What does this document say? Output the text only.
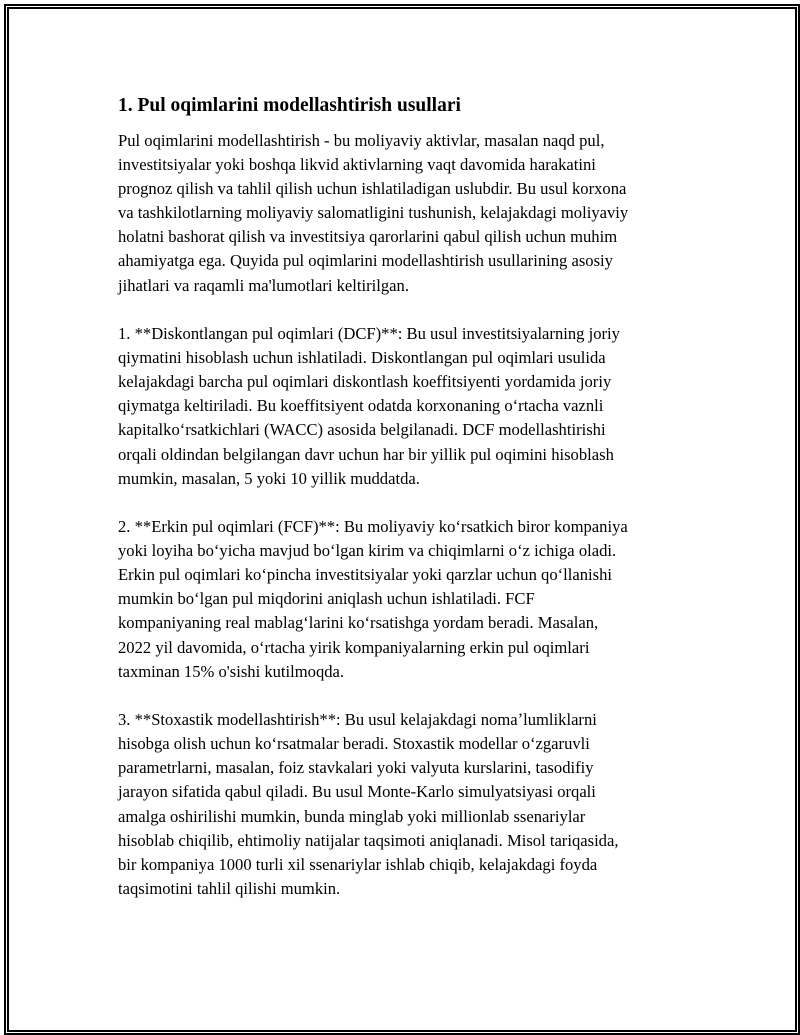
1. Pul oqimlarini modellashtirish usullari

Pul oqimlarini modellashtirish - bu moliyaviy aktivlar, masalan naqd pul,
investitsiyalar yoki boshqa likvid aktivlarning vaqt davomida harakatini
prognoz qilish va tahlil qilish uchun ishlatiladigan uslubdir. Bu usul korxona
va tashkilotlarning moliyaviy salomatligini tushunish, kelajakdagi moliyaviy
holatni bashorat qilish va investitsiya qarorlarini qabul qilish uchun muhim
ahamiyatga ega. Quyida pul oqimlarini modellashtirish usullarining asosiy
jihatlari va raqamli ma'lumotlari keltirilgan.

1. **Diskontlangan pul oqimlari (DCF)**: Bu usul investitsiyalarning joriy
qiymatini hisoblash uchun ishlatiladi. Diskontlangan pul oqimlari usulida
kelajakdagi barcha pul oqimlari diskontlash koeffitsiyenti yordamida joriy
qiymatga keltiriladi. Bu koeffitsiyent odatda korxonaning oʻrtacha vaznli
kapitalkoʻrsatkichlari (WACC) asosida belgilanadi. DCF modellashtirishi
orqali oldindan belgilangan davr uchun har bir yillik pul oqimini hisoblash
mumkin, masalan, 5 yoki 10 yillik muddatda.

2. **Erkin pul oqimlari (FCF)**: Bu moliyaviy koʻrsatkich biror kompaniya
yoki loyiha boʻyicha mavjud boʻlgan kirim va chiqimlarni oʻz ichiga oladi.
Erkin pul oqimlari koʻpincha investitsiyalar yoki qarzlar uchun qoʻllanishi
mumkin boʻlgan pul miqdorini aniqlash uchun ishlatiladi. FCF
kompaniyaning real mablagʻlarini koʻrsatishga yordam beradi. Masalan,
2022 yil davomida, oʻrtacha yirik kompaniyalarning erkin pul oqimlari
taxminan 15% o'sishi kutilmoqda.

3. **Stoxastik modellashtirish**: Bu usul kelajakdagi nomaʼlumliklarni
hisobga olish uchun koʻrsatmalar beradi. Stoxastik modellar oʻzgaruvli
parametrlarni, masalan, foiz stavkalari yoki valyuta kurslarini, tasodifiy
jarayon sifatida qabul qiladi. Bu usul Monte-Karlo simulyatsiyasi orqali
amalga oshirilishi mumkin, bunda minglab yoki millionlab ssenariylar
hisoblab chiqilib, ehtimoliy natijalar taqsimoti aniqlanadi. Misol tariqasida,
bir kompaniya 1000 turli xil ssenariylar ishlab chiqib, kelajakdagi foyda
taqsimotini tahlil qilishi mumkin.
